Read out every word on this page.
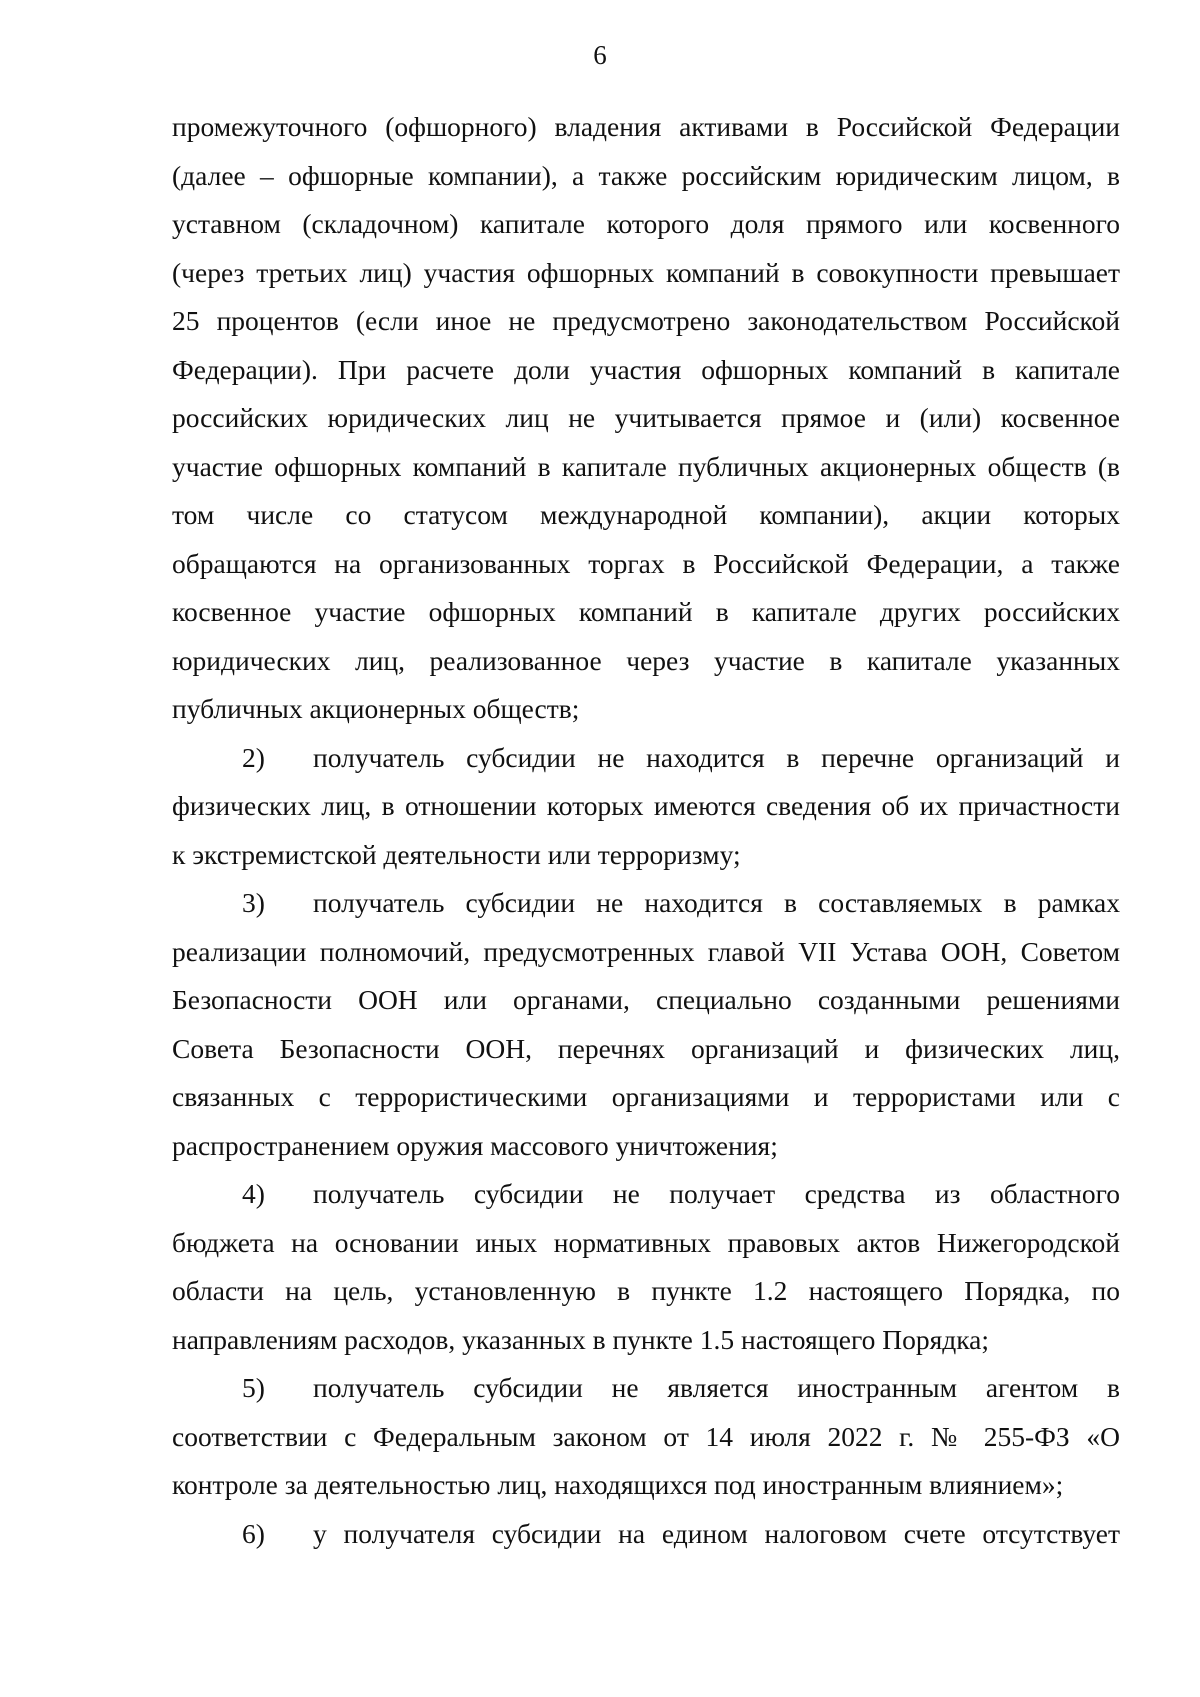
6
промежуточного (офшорного) владения активами в Российской Федерации
(далее – офшорные компании), а также российским юридическим лицом, в
уставном (складочном) капитале которого доля прямого или косвенного
(через третьих лиц) участия офшорных компаний в совокупности превышает
25 процентов (если иное не предусмотрено законодательством Российской
Федерации). При расчете доли участия офшорных компаний в капитале
российских юридических лиц не учитывается прямое и (или) косвенное
участие офшорных компаний в капитале публичных акционерных обществ (в
том числе со статусом международной компании), акции которых
обращаются на организованных торгах в Российской Федерации, а также
косвенное участие офшорных компаний в капитале других российских
юридических лиц, реализованное через участие в капитале указанных
публичных акционерных обществ;
2) получатель субсидии не находится в перечне организаций и
физических лиц, в отношении которых имеются сведения об их причастности
к экстремистской деятельности или терроризму;
3) получатель субсидии не находится в составляемых в рамках
реализации полномочий, предусмотренных главой VII Устава ООН, Советом
Безопасности ООН или органами, специально созданными решениями
Совета Безопасности ООН, перечнях организаций и физических лиц,
связанных с террористическими организациями и террористами или с
распространением оружия массового уничтожения;
4) получатель субсидии не получает средства из областного
бюджета на основании иных нормативных правовых актов Нижегородской
области на цель, установленную в пункте 1.2 настоящего Порядка, по
направлениям расходов, указанных в пункте 1.5 настоящего Порядка;
5) получатель субсидии не является иностранным агентом в
соответствии с Федеральным законом от 14 июля 2022 г. № 255-ФЗ «О
контроле за деятельностью лиц, находящихся под иностранным влиянием»;
6) у получателя субсидии на едином налоговом счете отсутствует
